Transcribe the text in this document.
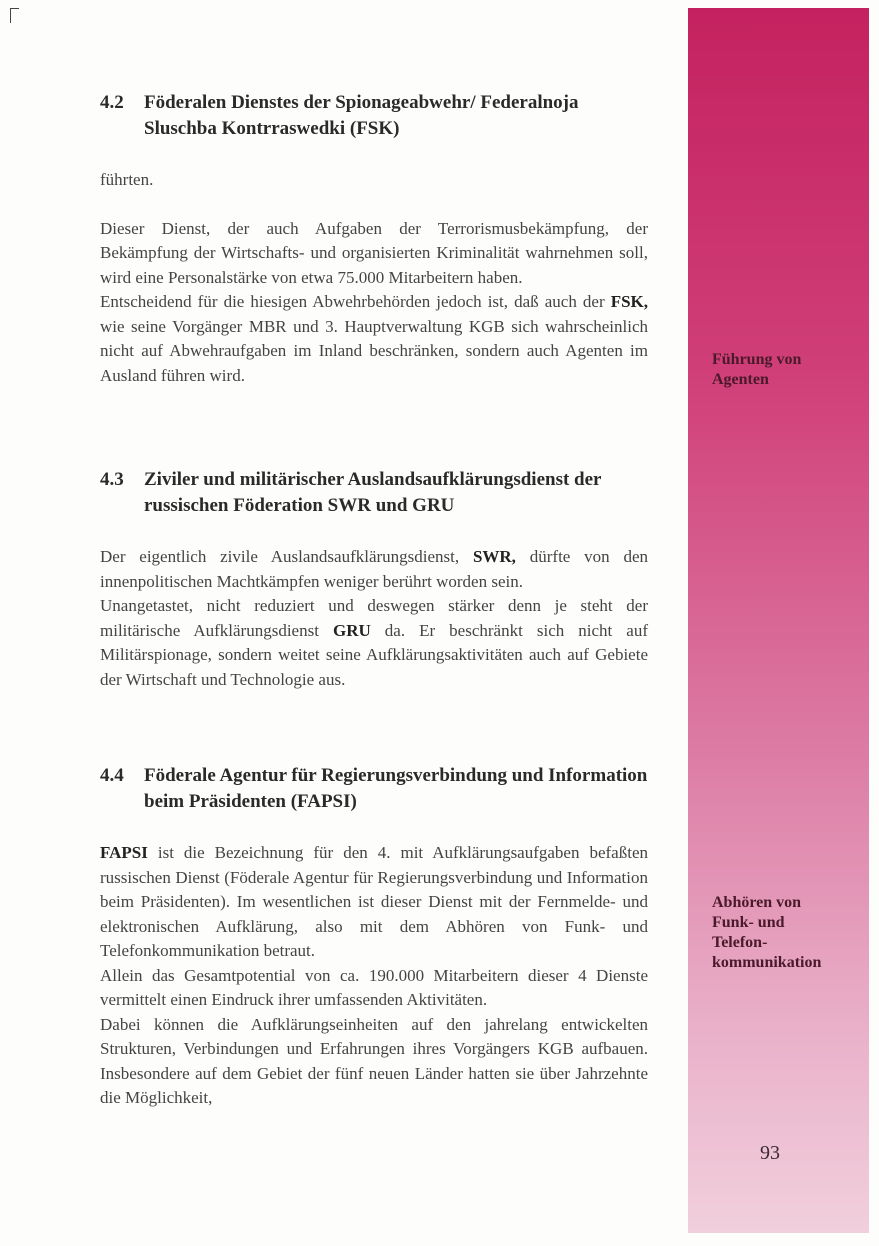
4.2	Föderalen Dienstes der Spionageabwehr/ Federalnoja Sluschba Kontrraswedki (FSK)

führten.

Dieser Dienst, der auch Aufgaben der Terrorismusbekämpfung, der Bekämpfung der Wirtschafts- und organisierten Kriminalität wahrnehmen soll, wird eine Personalstärke von etwa 75.000 Mitarbeitern haben.

Entscheidend für die hiesigen Abwehrbehörden jedoch ist, daß auch der FSK, wie seine Vorgänger MBR und 3. Hauptverwaltung KGB sich wahrscheinlich nicht auf Abwehraufgaben im Inland beschränken, sondern auch Agenten im Ausland führen wird.

4.3	Ziviler und militärischer Auslandsaufklärungsdienst der russischen Föderation SWR und GRU

Der eigentlich zivile Auslandsaufklärungsdienst, SWR, dürfte von den innenpolitischen Machtkämpfen weniger berührt worden sein.

Unangetastet, nicht reduziert und deswegen stärker denn je steht der militärische Aufklärungsdienst GRU da. Er beschränkt sich nicht auf Militärspionage, sondern weitet seine Aufklärungsaktivitäten auch auf Gebiete der Wirtschaft und Technologie aus.

4.4	Föderale Agentur für Regierungsverbindung und Information beim Präsidenten (FAPSI)

FAPSI ist die Bezeichnung für den 4. mit Aufklärungsaufgaben befaßten russischen Dienst (Föderale Agentur für Regierungsverbindung und Information beim Präsidenten). Im wesentlichen ist dieser Dienst mit der Fernmelde- und elektronischen Aufklärung, also mit dem Abhören von Funk- und Telefonkommunikation betraut.

Allein das Gesamtpotential von ca. 190.000 Mitarbeitern dieser 4 Dienste vermittelt einen Eindruck ihrer umfassenden Aktivitäten.

Dabei können die Aufklärungseinheiten auf den jahrelang entwickelten Strukturen, Verbindungen und Erfahrungen ihres Vorgängers KGB aufbauen. Insbesondere auf dem Gebiet der fünf neuen Länder hatten sie über Jahrzehnte die Möglichkeit,

Führung von
Agenten
Abhören von
Funk- und
Telefon-
kommunikation
93
